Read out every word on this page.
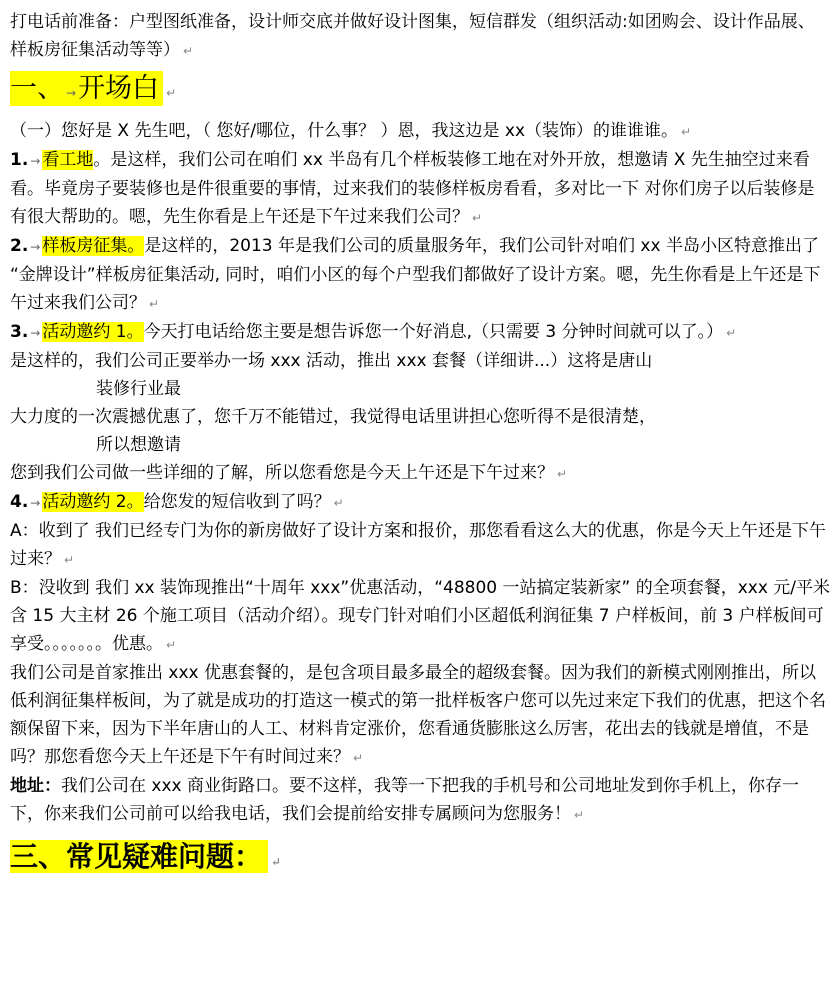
打电话前准备：户型图纸准备，设计师交底并做好设计图集，短信群发（组织活动:如团购会、设计作品展、样板房征集活动等等） ↵

一、 →开场白 ↵

（一）您好是 X 先生吧，（ 您好/哪位，什么事？ ）恩，我这边是 xx（装饰）的谁谁谁。 ↵

1. → 看工地。是这样，我们公司在咱们 xx 半岛有几个样板装修工地在对外开放，想邀请 X 先生抽空过来看看。毕竟房子要装修也是件很重要的事情，过来我们的装修样板房看看，多对比一下 对你们房子以后装修是有很大帮助的。嗯，先生你看是上午还是下午过来我们公司？ ↵

2. → 样板房征集。是这样的，2013 年是我们公司的质量服务年，我们公司针对咱们 xx 半岛小区特意推出了 “金牌设计”样板房征集活动, 同时，咱们小区的每个户型我们都做好了设计方案。嗯，先生你看是上午还是下午过来我们公司？ ↵

3. → 活动邀约 1。今天打电话给您主要是想告诉您一个好消息,（只需要 3 分钟时间就可以了。） ↵

是这样的，我们公司正要举办一场 xxx 活动，推出 xxx 套餐（详细讲...）这将是唐山

装修行业最

大力度的一次震撼优惠了，您千万不能错过，我觉得电话里讲担心您听得不是很清楚，

所以想邀请

您到我们公司做一些详细的了解，所以您看您是今天上午还是下午过来？ ↵

4. → 活动邀约 2。给您发的短信收到了吗？ ↵

A：收到了 我们已经专门为你的新房做好了设计方案和报价，那您看看这么大的优惠，你是今天上午还是下午过来？ ↵

B：没收到 我们 xx 装饰现推出“十周年 xxx”优惠活动，“48800 一站搞定装新家” 的全项套餐，xxx 元/平米含 15 大主材 26 个施工项目（活动介绍）。现专门针对咱们小区超低利润征集 7 户样板间，前 3 户样板间可享受。。。。。。。优惠。 ↵

我们公司是首家推出 xxx 优惠套餐的，是包含项目最多最全的超级套餐。因为我们的新模式刚刚推出，所以低利润征集样板间，为了就是成功的打造这一模式的第一批样板客户您可以先过来定下我们的优惠，把这个名额保留下来，因为下半年唐山的人工、材料肯定涨价，您看通货膨胀这么厉害，花出去的钱就是增值，不是吗？那您看您今天上午还是下午有时间过来？ ↵

地址：我们公司在 xxx 商业街路口。要不这样，我等一下把我的手机号和公司地址发到你手机上，你存一下，你来我们公司前可以给我电话，我们会提前给安排专属顾问为您服务！ ↵

三、常见疑难问题： ↵
